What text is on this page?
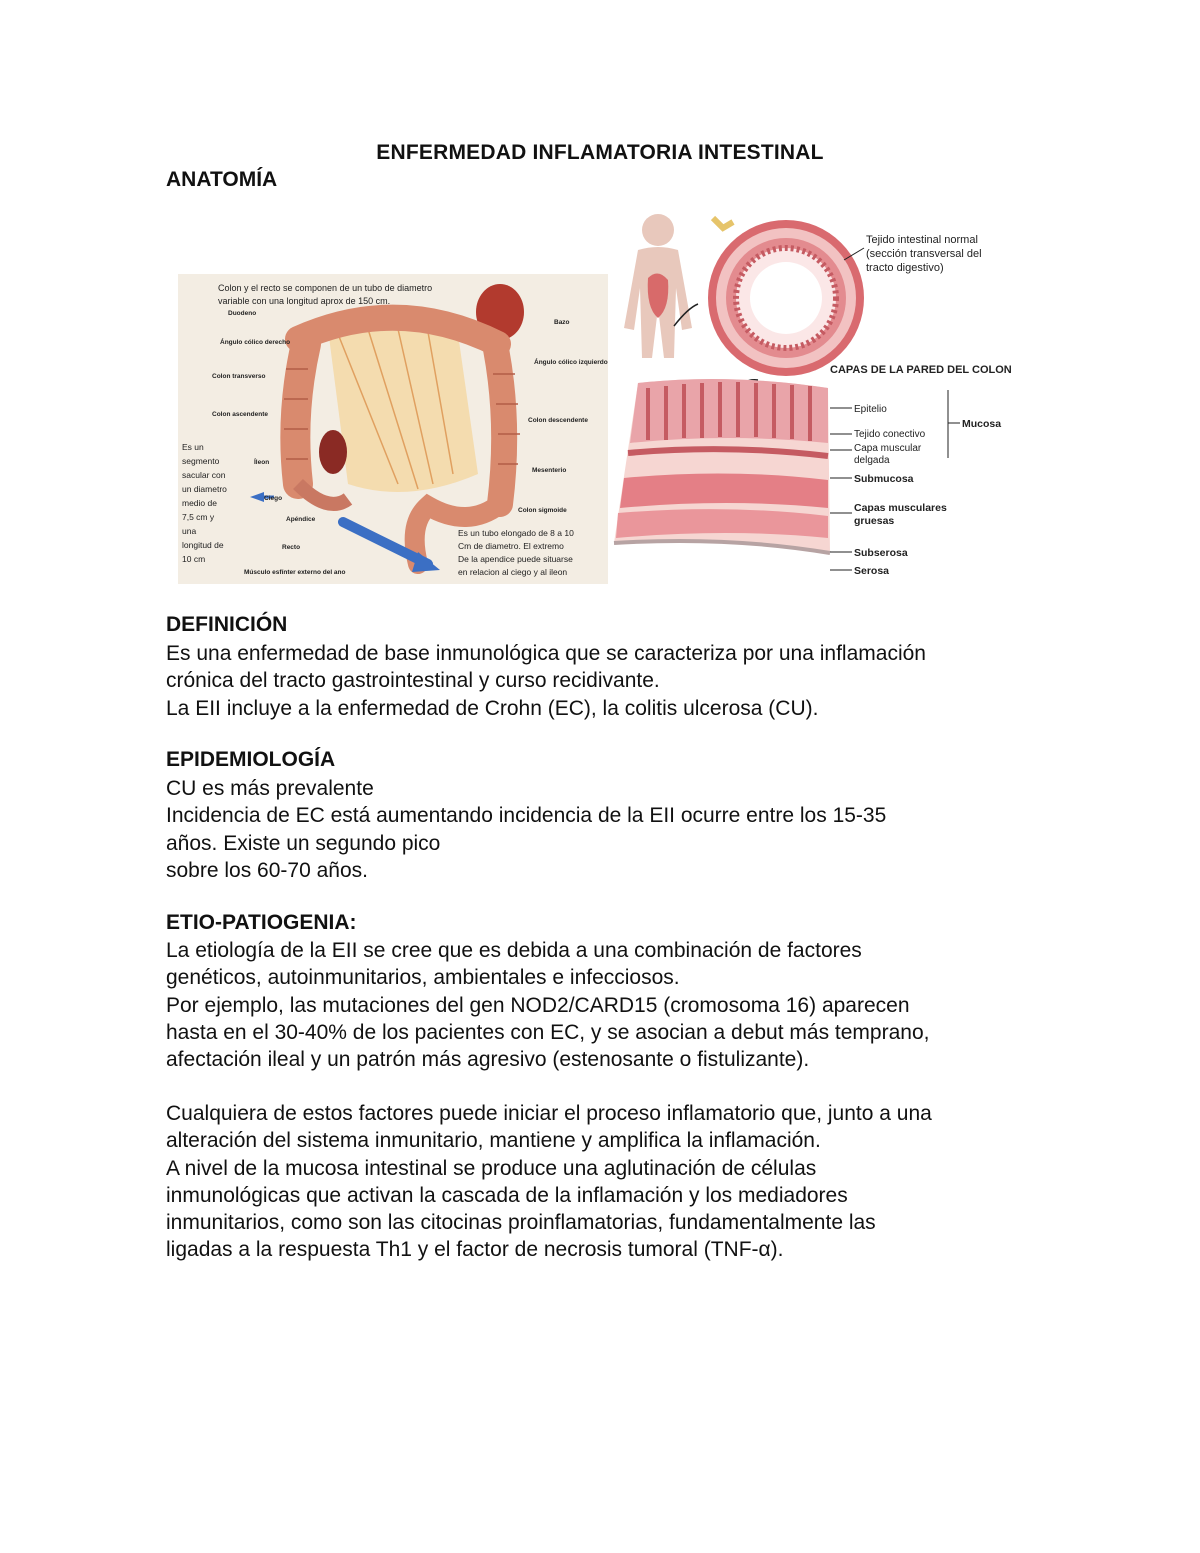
ENFERMEDAD INFLAMATORIA INTESTINAL
ANATOMÍA
Colon y el recto se componen de un tubo de diametro
variable con una longitud aprox de 150 cm.
Duodeno
Ángulo cólico derecho
Colon transverso
Colon ascendente
Íleon
Ciego
Apéndice
Recto
Músculo esfínter externo del ano
Bazo
Ángulo cólico izquierdo
Colon descendente
Mesenterio
Colon sigmoide
Es un
segmento
sacular con
un diametro
medio de
7,5 cm y
una
longitud de
10 cm
Es un tubo elongado de 8 a 10
Cm de diametro. El extremo
De la apendice puede situarse
en relacion al ciego y al ileon
Tejido intestinal normal
(sección transversal del
tracto digestivo)
CAPAS DE LA PARED DEL COLON
Epitelio
Tejido conectivo
Capa muscular
delgada
Submucosa
Capas musculares
gruesas
Subserosa
Serosa
Mucosa
DEFINICIÓN
Es una enfermedad de base inmunológica que se caracteriza por una inflamación
crónica del tracto gastrointestinal y curso recidivante.
La EII incluye a la enfermedad de Crohn (EC), la colitis ulcerosa (CU).
EPIDEMIOLOGÍA
CU es más prevalente
Incidencia de EC está aumentando incidencia de la EII ocurre entre los 15-35
años. Existe un segundo pico
sobre los 60-70 años.
ETIO-PATIOGENIA:
La etiología de la EII se cree que es debida a una combinación de factores
genéticos, autoinmunitarios, ambientales e infecciosos.
Por ejemplo, las mutaciones del gen NOD2/CARD15 (cromosoma 16) aparecen
hasta en el 30-40% de los pacientes con EC, y se asocian a debut más temprano,
afectación ileal y un patrón más agresivo (estenosante o fistulizante).
Cualquiera de estos factores puede iniciar el proceso inflamatorio que, junto a una
alteración del sistema inmunitario, mantiene y amplifica la inflamación.
A nivel de la mucosa intestinal se produce una aglutinación de células
inmunológicas que activan la cascada de la inflamación y los mediadores
inmunitarios, como son las citocinas proinflamatorias, fundamentalmente las
ligadas a la respuesta Th1 y el factor de necrosis tumoral (TNF-α).
